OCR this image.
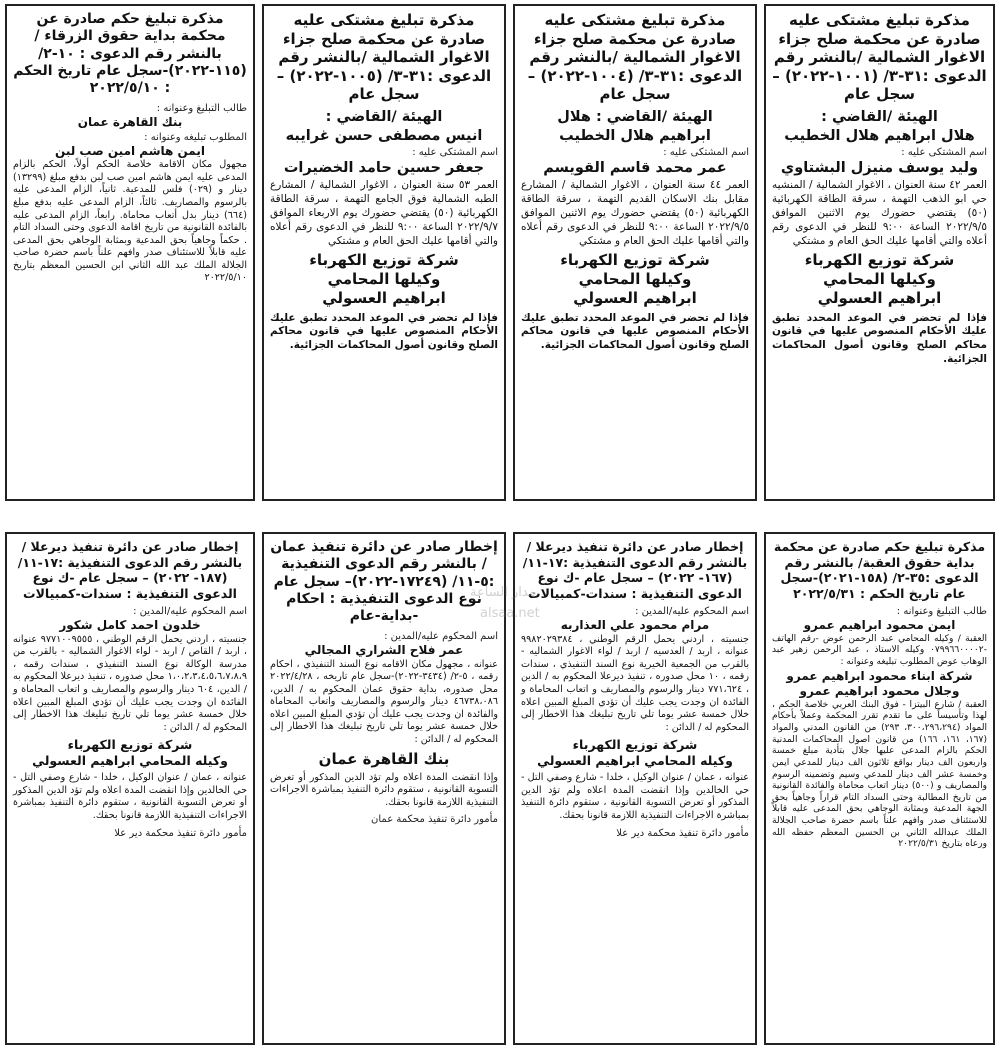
مذكرة تبليغ مشتكى عليه صادرة عن محكمة صلح جزاء الاغوار الشمالية /بالنشر رقم الدعوى :٣١-٣/ (١٠٠١-٢٠٢٢) – سجل عام
الهيئة /القاضي :
هلال ابراهيم هلال الخطيب
اسم المشتكى عليه :
وليد يوسف منيزل البشتاوي
العمر ٤٢ سنة العنوان ، الاغوار الشمالية / المنشيه حي ابو الذهب التهمة ، سرقة الطاقة الكهربائية (٥٠) يقتضي حضورك يوم الاثنين الموافق ٢٠٢٢/٩/٥ الساعة ٩:٠٠ للنظر في الدعوى رقم أعلاه والتي أقامها عليك الحق العام و مشتكي
شركة توزيع الكهرباء
وكيلها المحامي
ابراهيم العسولي
فإذا لم تحضر في الموعد المحدد تطبق عليك الأحكام المنصوص عليها في قانون محاكم الصلح وقانون أصول المحاكمات الجزائية.
مذكرة تبليغ مشتكى عليه صادرة عن محكمة صلح جزاء الاغوار الشمالية /بالنشر رقم الدعوى :٣١-٣/ (١٠٠٤-٢٠٢٢) – سجل عام
الهيئة /القاضي : هلال
ابراهيم هلال الخطيب
اسم المشتكى عليه :
عمر محمد قاسم القويسم
العمر ٤٤ سنة العنوان ، الاغوار الشمالية / المشارع مقابل بنك الاسكان القديم التهمة ، سرقة الطاقة الكهربائية (٥٠) يقتضي حضورك يوم الاثنين الموافق ٢٠٢٢/٩/٥ الساعة ٩:٠٠ للنظر في الدعوى رقم أعلاه والتي أقامها عليك الحق العام و مشتكي
شركة توزيع الكهرباء
وكيلها المحامي
ابراهيم العسولي
فإذا لم تحضر في الموعد المحدد تطبق عليك الأحكام المنصوص عليها في قانون محاكم الصلح وقانون أصول المحاكمات الجزائية.
مذكرة تبليغ مشتكى عليه صادرة عن محكمة صلح جزاء الاغوار الشمالية /بالنشر رقم الدعوى :٣١-٣/ (١٠٠٥-٢٠٢٢) – سجل عام
الهيئة /القاضي :
انيس مصطفى حسن غرايبه
اسم المشتكى عليه :
جعفر حسين حامد الخضيرات
العمر ٥٣ سنة العنوان ، الاغوار الشمالية / المشارع الطبه الشمالية فوق الجامع التهمة ، سرقة الطاقة الكهربائية (٥٠) يقتضي حضورك يوم الاربعاء الموافق ٢٠٢٢/٩/٧ الساعة ٩:٠٠ للنظر في الدعوى رقم أعلاه والتي أقامها عليك الحق العام و مشتكي
شركة توزيع الكهرباء
وكيلها المحامي
ابراهيم العسولي
فإذا لم تحضر في الموعد المحدد تطبق عليك الأحكام المنصوص عليها في قانون محاكم الصلح وقانون أصول المحاكمات الجزائية.
مذكرة تبليغ حكم صادرة عن محكمة بداية حقوق الزرقاء / بالنشر رقم الدعوى : ١٠-٢/ (١١٥-٢٠٢٢)-سجل عام تاريخ الحكم : ٢٠٢٢/٥/١٠
طالب التبليغ وعنوانه :
بنك القاهرة عمان
المطلوب تبليغه وعنوانه :
ايمن هاشم امين صب لبن
مجهول مكان الاقامة خلاصة الحكم أولاً، الحكم بالزام المدعى عليه ايمن هاشم امين صب لبن بدفع مبلغ (١٣٢٩٩) دينار و (٠٢٩) فلس للمدعية. ثانياً، الزام المدعى عليه بالرسوم والمصاريف. ثالثاً، الزام المدعى عليه بدفع مبلغ (٦٦٤) دينار بدل أتعاب محاماة. رابعاً، الزام المدعى عليه بالفائدة القانونية من تاريخ اقامة الدعوى وحتى السداد التام . حكماً وجاهياً بحق المدعية وبمثابة الوجاهي بحق المدعى عليه قابلاً للاستئناف صدر وافهم علناً باسم حضرة صاحب الجلالة الملك عبد الله الثاني ابن الحسين المعظم بتاريخ ٢٠٢٢/٥/١٠
مذكرة تبليغ حكم صادرة عن محكمة بداية حقوق العقبة/ بالنشر رقم الدعوى :٣٥-٢/ (١٥٨-٢٠٢١)-سجل عام تاريخ الحكم : ٢٠٢٢/٥/٣١
طالب التبليغ وعنوانه :
ايمن محمود ابراهيم عمرو
العقبة / وكيله المحامي عبد الرحمن عوض -رقم الهاتف -٠٧٩٩٦٦٠٠٠٠٢ وكيله الاستاذ ، عبد الرحمن زهير عبد الوهاب عوض المطلوب تبليغه وعنوانه :
شركة ابناء محمود ابراهيم عمرو وجلال محمود ابراهيم عمرو
العقبة / شارع البيتزا - فوق البنك العربي خلاصة الحكم ، لهذا وتأسيساً على ما تقدم تقرر المحكمة وعملاً بأحكام المواد (٣٠٠،٢٩٦،٢٩٤، ٢٩٣) من القانون المدني والمواد (١٦٧، ١٦١، ١٦٦) من قانون اصول المحاكمات المدنية الحكم بالزام المدعى عليها جلال بتأدية مبلغ خمسة واربعون الف دينار بواقع ثلاثون الف دينار للمدعي ايمن وخمسة عشر الف دينار للمدعي وسيم وتضمينه الرسوم والمصاريف و (٥٠٠) دينار اتعاب محاماة والفائدة القانونية من تاريخ المطالبة وحتى السداد التام قراراً وجاهياً بحق الجهة المدعية وبمثابة الوجاهي بحق المدعى عليه قابلاً للاستئناف صدر وافهم علناً باسم حضرة صاحب الجلالة الملك عبدالله الثاني بن الحسين المعظم حفظه الله ورعاه بتاريخ ٢٠٢٢/٥/٣١
إخطار صادر عن دائرة تنفيذ ديرعلا / بالنشر رقم الدعوى التنفيذية :١٧-١١/ (١٦٧- ٢٠٢٢) – سجل عام -ك نوع الدعوى التنفيذية : سندات-كمبيالات
اسم المحكوم عليه/المدين :
مرام محمود علي العذاربه
جنسيته ، اردني يحمل الرقم الوطني ، ٩٩٨٢٠٢٩٣٨٤ عنوانه ، اربد / العدسيه / اربد / لواء الاغوار الشماليه - بالقرب من الجمعية الخيرية نوع السند التنفيذي ، سندات رقمه ، ١٠ محل صدوره ، تنفيذ ديرعلا المحكوم به / الدين ، ٧٧١،٦٢٤ دينار والرسوم والمصاريف و اتعاب المحاماة و الفائدة ان وجدت يجب عليك أن تؤدي المبلغ المبين اعلاه خلال خمسة عشر يوما تلي تاريخ تبليغك هذا الاخطار إلى المحكوم له / الدائن :
شركة توزيع الكهرباء
وكيله المحامي ابراهيم العسولي
عنوانه ، عمان / عنوان الوكيل ، خلدا - شارع وصفي التل - حي الخالدين وإذا انقضت المدة اعلاه ولم تؤد الدين المذكور أو تعرض التسوية القانونية ، ستقوم دائرة التنفيذ بمباشرة الاجراءات التنفيذية اللازمة قانونا بحقك.
مأمور دائرة تنفيذ محكمة دير علا
إخطار صادر عن دائرة تنفيذ عمان / بالنشر رقم الدعوى التنفيذية :٥-١١/ (١٧٢٤٩-٢٠٢٢)– سجل عام نوع الدعوى التنفيذية : احكام -بداية-عام
اسم المحكوم عليه/المدين :
عمر فلاح الشراري المجالي
عنوانه ، مجهول مكان الاقامه نوع السند التنفيذي ، احكام رقمه ، ٥-٢/ (٣٤٣٤-٢٠٢٢)-سجل عام تاريخه ، ٢٠٢٢/٤/٢٨ محل صدوره، بداية حقوق عمان المحكوم به / الدين، ٤٦٧٣٨،٠٨٦ دينار والرسوم والمصاريف واتعاب المحاماة والفائدة ان وجدت يجب عليك أن تؤدي المبلغ المبين اعلاه خلال خمسة عشر يوما تلي تاريخ تبليغك هذا الاخطار إلى المحكوم له / الدائن :
بنك القاهرة عمان
وإذا انقضت المدة اعلاه ولم تؤد الدين المذكور أو تعرض التسوية القانونية ، ستقوم دائرة التنفيذ بمباشرة الاجراءات التنفيذية اللازمة قانونا بحقك.
مأمور دائرة تنفيذ محكمة عمان
إخطار صادر عن دائرة تنفيذ ديرعلا / بالنشر رقم الدعوى التنفيذية :١٧-١١/ (١٨٧- ٢٠٢٢) – سجل عام -ك نوع الدعوى التنفيذية : سندات-كمبيالات
اسم المحكوم عليه/المدين :
خلدون احمد كامل شكور
جنسيته ، اردني يحمل الرقم الوطني ، ٩٧٧١٠٠٩٥٥٥ عنوانه ، اربد / القاص / اربد - لواء الاغوار الشماليه - بالقرب من مدرسة الوكالة نوع السند التنفيذي ، سندات رقمه ، ١،٠،٢،٣،٤،٥،٦،٧،٨،٩ محل صدوره ، تنفيذ ديرعلا المحكوم به / الدين، ٦٠٤ دينار والرسوم والمصاريف و اتعاب المحاماة و الفائدة ان وجدت يجب عليك أن تؤدي المبلغ المبين اعلاه خلال خمسة عشر يوما تلي تاريخ تبليغك هذا الاخطار إلى المحكوم له / الدائن :
شركة توزيع الكهرباء
وكيله المحامي ابراهيم العسولي
عنوانه ، عمان / عنوان الوكيل ، خلدا - شارع وصفي التل - حي الخالدين وإذا انقضت المدة اعلاه ولم تؤد الدين المذكور أو تعرض التسوية القانونية ، ستقوم دائرة التنفيذ بمباشرة الاجراءات التنفيذية اللازمة قانونا بحقك.
مأمور دائرة تنفيذ محكمة دير علا
مدار الساعة
alsaa.net
